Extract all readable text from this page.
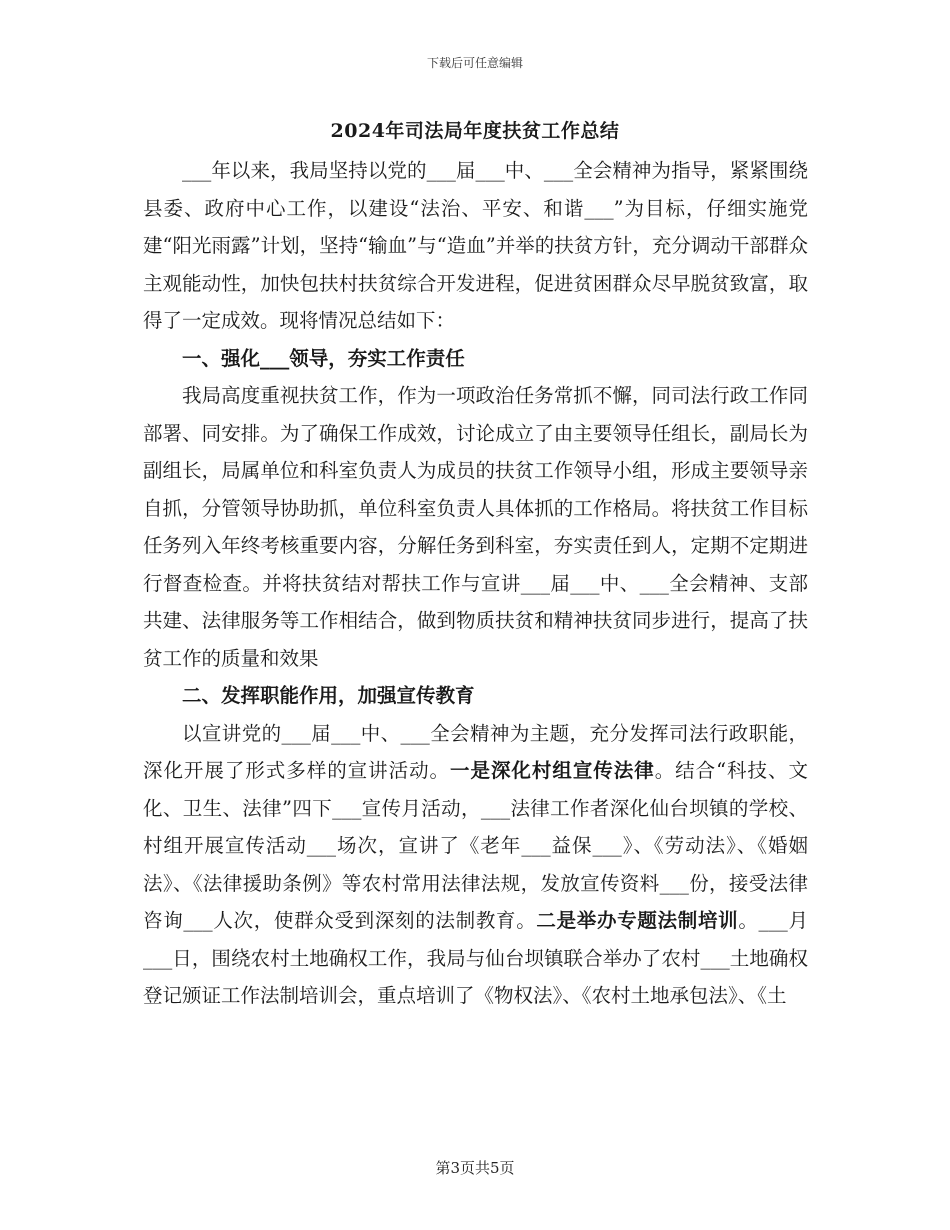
下载后可任意编辑
2024年司法局年度扶贫工作总结

___年以来，我局坚持以党的___届___中、___全会精神为指导，紧紧围绕县委、政府中心工作，以建设“法治、平安、和谐___”为目标，仔细实施党建“阳光雨露”计划，坚持“输血”与“造血”并举的扶贫方针，充分调动干部群众主观能动性，加快包扶村扶贫综合开发进程，促进贫困群众尽早脱贫致富，取得了一定成效。现将情况总结如下：

一、强化___领导，夯实工作责任

我局高度重视扶贫工作，作为一项政治任务常抓不懈，同司法行政工作同部署、同安排。为了确保工作成效，讨论成立了由主要领导任组长，副局长为副组长，局属单位和科室负责人为成员的扶贫工作领导小组，形成主要领导亲自抓，分管领导协助抓，单位科室负责人具体抓的工作格局。将扶贫工作目标任务列入年终考核重要内容，分解任务到科室，夯实责任到人，定期不定期进行督查检查。并将扶贫结对帮扶工作与宣讲___届___中、___全会精神、支部共建、法律服务等工作相结合，做到物质扶贫和精神扶贫同步进行，提高了扶贫工作的质量和效果

二、发挥职能作用，加强宣传教育

以宣讲党的___届___中、___全会精神为主题，充分发挥司法行政职能，深化开展了形式多样的宣讲活动。一是深化村组宣传法律。结合“科技、文化、卫生、法律”四下___宣传月活动，___法律工作者深化仙台坝镇的学校、村组开展宣传活动___场次，宣讲了《老年___益保___》、《劳动法》、《婚姻法》、《法律援助条例》等农村常用法律法规，发放宣传资料___份，接受法律咨询___人次，使群众受到深刻的法制教育。二是举办专题法制培训。___月___日，围绕农村土地确权工作，我局与仙台坝镇联合举办了农村___土地确权登记颁证工作法制培训会，重点培训了《物权法》、《农村土地承包法》、《土

第3页共5页
